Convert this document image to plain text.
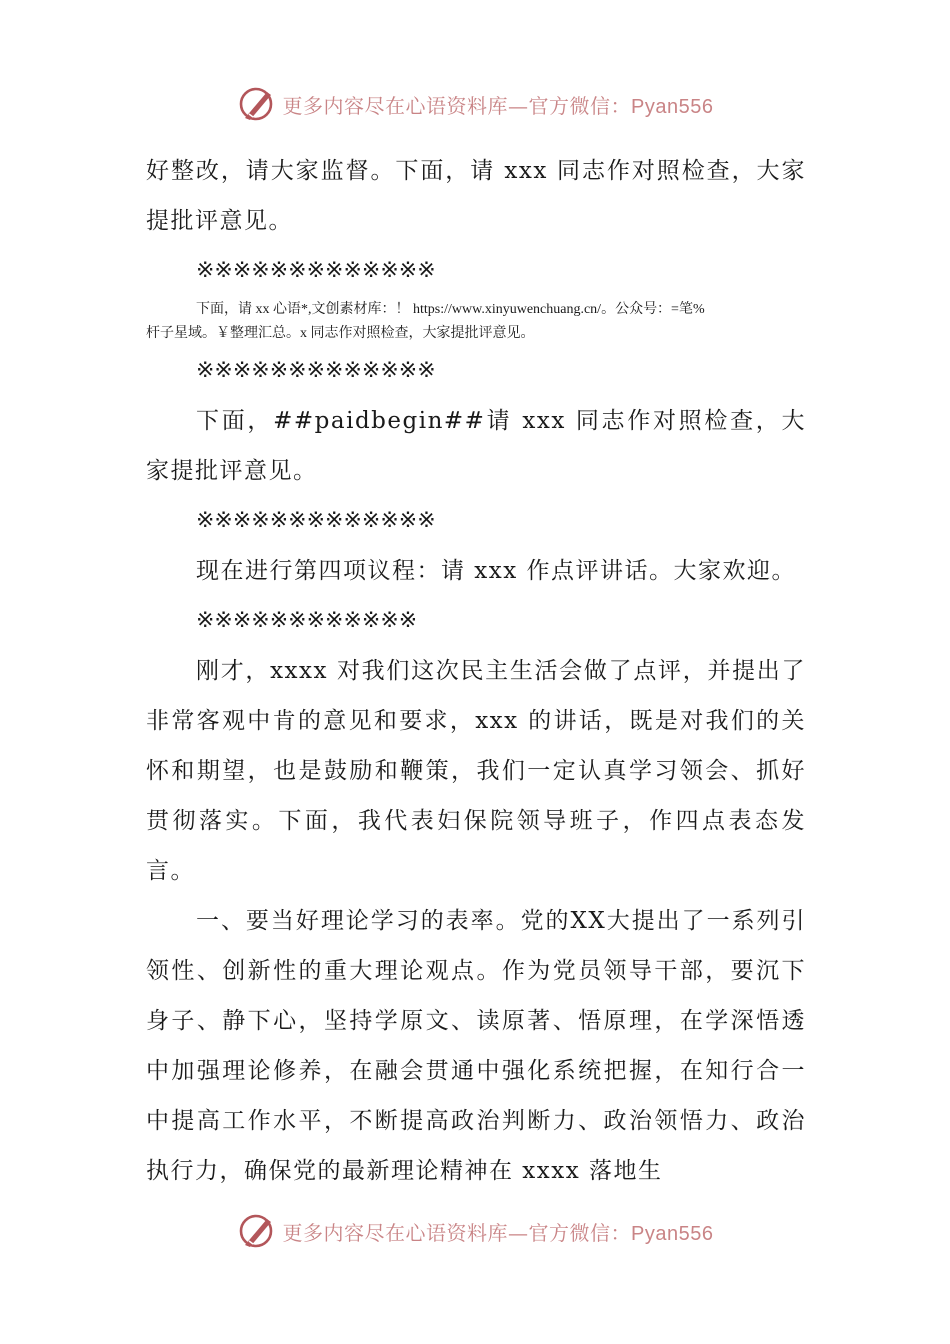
更多内容尽在心语资料库—官方微信：Pyan556

好整改，请大家监督。下面，请 xxx 同志作对照检查，大家提批评意见。

※※※※※※※※※※※※※

下面，请 xx 心语*,文创素材库：！ https://www.xinyuwenchuang.cn/。公众号：=笔%
杆子星域。￥整理汇总。x 同志作对照检查，大家提批评意见。

※※※※※※※※※※※※※

下面，##paidbegin##请 xxx 同志作对照检查，大家提批评意见。

※※※※※※※※※※※※※

现在进行第四项议程：请 xxx 作点评讲话。大家欢迎。

※※※※※※※※※※※※

刚才，xxxx 对我们这次民主生活会做了点评，并提出了非常客观中肯的意见和要求，xxx 的讲话，既是对我们的关怀和期望，也是鼓励和鞭策，我们一定认真学习领会、抓好贯彻落实。下面，我代表妇保院领导班子，作四点表态发言。

一、要当好理论学习的表率。党的XX大提出了一系列引领性、创新性的重大理论观点。作为党员领导干部，要沉下身子、静下心，坚持学原文、读原著、悟原理，在学深悟透中加强理论修养，在融会贯通中强化系统把握，在知行合一中提高工作水平，不断提高政治判断力、政治领悟力、政治执行力，确保党的最新理论精神在 xxxx 落地生

更多内容尽在心语资料库—官方微信：Pyan556
